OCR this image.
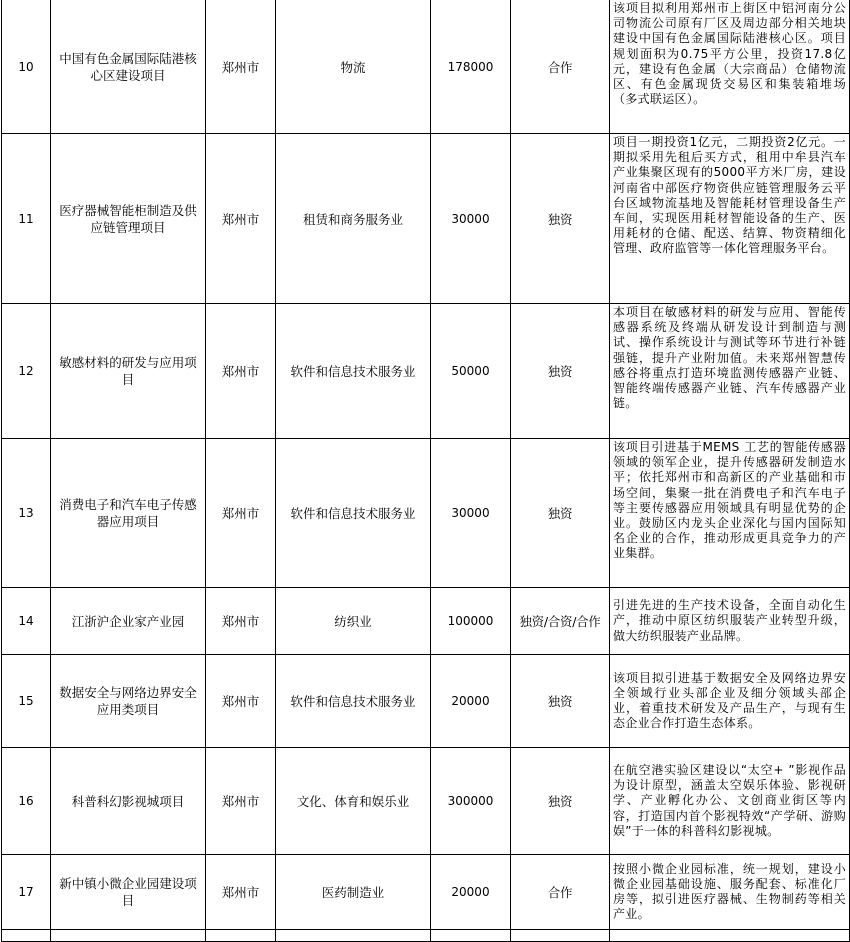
10	中国有色金属国际陆港核心区建设项目	郑州市	物流	178000	合作	该项目拟利用郑州市上街区中铝河南分公司物流公司原有厂区及周边部分相关地块建设中国有色金属国际陆港核心区。项目规划面积为0.75平方公里，投资17.8亿元，建设有色金属（大宗商品）仓储物流区、有色金属现货交易区和集装箱堆场（多式联运区）。
11	医疗器械智能柜制造及供应链管理项目	郑州市	租赁和商务服务业	30000	独资	项目一期投资1亿元，二期投资2亿元。一期拟采用先租后买方式，租用中牟县汽车产业集聚区现有的5000平方米厂房，建设河南省中部医疗物资供应链管理服务云平台区域物流基地及智能耗材管理设备生产车间，实现医用耗材智能设备的生产、医用耗材的仓储、配送、结算、物资精细化管理、政府监管等一体化管理服务平台。
12	敏感材料的研发与应用项目	郑州市	软件和信息技术服务业	50000	独资	本项目在敏感材料的研发与应用、智能传感器系统及终端从研发设计到制造与测试、操作系统设计与测试等环节进行补链强链，提升产业附加值。未来郑州智慧传感谷将重点打造环境监测传感器产业链、智能终端传感器产业链、汽车传感器产业链。
13	消费电子和汽车电子传感器应用项目	郑州市	软件和信息技术服务业	30000	独资	该项目引进基于MEMS 工艺的智能传感器领域的领军企业，提升传感器研发制造水平；依托郑州市和高新区的产业基础和市场空间，集聚一批在消费电子和汽车电子等主要传感器应用领域具有明显优势的企业。鼓励区内龙头企业深化与国内国际知名企业的合作，推动形成更具竞争力的产业集群。
14	江浙沪企业家产业园	郑州市	纺织业	100000	独资/合资/合作	引进先进的生产技术设备，全面自动化生产，推动中原区纺织服装产业转型升级，做大纺织服装产业品牌。
15	数据安全与网络边界安全应用类项目	郑州市	软件和信息技术服务业	20000	独资	该项目拟引进基于数据安全及网络边界安全领域行业头部企业及细分领域头部企业，着重技术研发及产品生产，与现有生态企业合作打造生态体系。
16	科普科幻影视城项目	郑州市	文化、体育和娱乐业	300000	独资	在航空港实验区建设以“太空+ ”影视作品为设计原型，涵盖太空娱乐体验、影视研学、产业孵化办公、文创商业街区等内容，打造国内首个影视特效“产学研、游购娱”于一体的科普科幻影视城。
17	新中镇小微企业园建设项目	郑州市	医药制造业	20000	合作	按照小微企业园标准，统一规划，建设小微企业园基础设施、服务配套、标准化厂房等，拟引进医疗器械、生物制药等相关产业。
